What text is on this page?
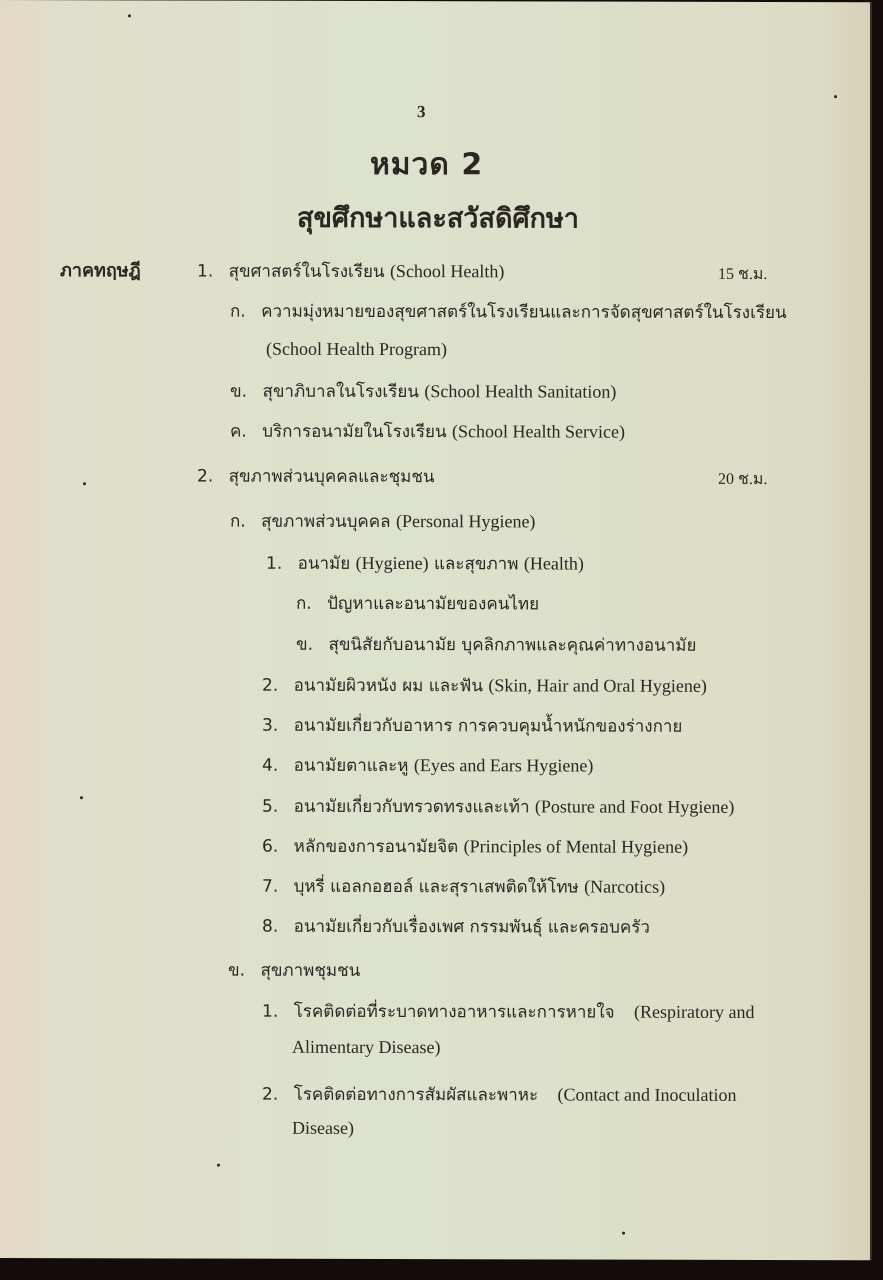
3
หมวด 2
สุขศึกษาและสวัสดิศึกษา
ภาคทฤษฎี	1. สุขศาสตร์ในโรงเรียน (School Health)	15 ช.ม.
ก. ความมุ่งหมายของสุขศาสตร์ในโรงเรียนและการจัดสุขศาสตร์ในโรงเรียน
(School Health Program)
ข. สุขาภิบาลในโรงเรียน (School Health Sanitation)
ค. บริการอนามัยในโรงเรียน (School Health Service)
2. สุขภาพส่วนบุคคลและชุมชน	20 ช.ม.
ก. สุขภาพส่วนบุคคล (Personal Hygiene)
1. อนามัย (Hygiene) และสุขภาพ (Health)
ก. ปัญหาและอนามัยของคนไทย
ข. สุขนิสัยกับอนามัย บุคลิกภาพและคุณค่าทางอนามัย
2. อนามัยผิวหนัง ผม และฟัน (Skin, Hair and Oral Hygiene)
3. อนามัยเกี่ยวกับอาหาร การควบคุมน้ำหนักของร่างกาย
4. อนามัยตาและหู (Eyes and Ears Hygiene)
5. อนามัยเกี่ยวกับทรวดทรงและเท้า (Posture and Foot Hygiene)
6. หลักของการอนามัยจิต (Principles of Mental Hygiene)
7. บุหรี่ แอลกอฮอล์ และสุราเสพติดให้โทษ (Narcotics)
8. อนามัยเกี่ยวกับเรื่องเพศ กรรมพันธุ์ และครอบครัว
ข. สุขภาพชุมชน
1. โรคติดต่อที่ระบาดทางอาหารและการหายใจ (Respiratory and
Alimentary Disease)
2. โรคติดต่อทางการสัมผัสและพาหะ (Contact and Inoculation
Disease)
